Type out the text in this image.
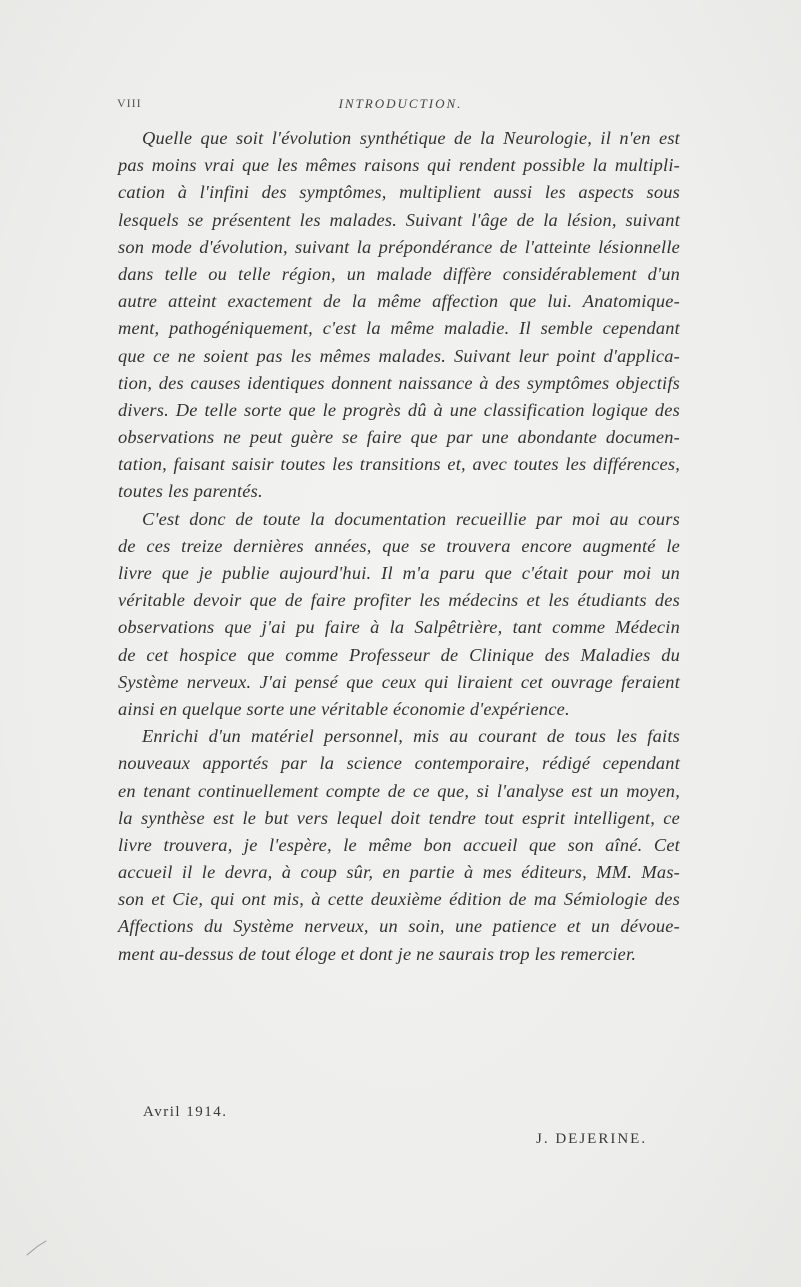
VIII	INTRODUCTION.
Quelle que soit l'évolution synthétique de la Neurologie, il n'en est
pas moins vrai que les mêmes raisons qui rendent possible la multipli-
cation à l'infini des symptômes, multiplient aussi les aspects sous
lesquels se présentent les malades. Suivant l'âge de la lésion, suivant
son mode d'évolution, suivant la prépondérance de l'atteinte lésionnelle
dans telle ou telle région, un malade diffère considérablement d'un
autre atteint exactement de la même affection que lui. Anatomique-
ment, pathogéniquement, c'est la même maladie. Il semble cependant
que ce ne soient pas les mêmes malades. Suivant leur point d'applica-
tion, des causes identiques donnent naissance à des symptômes objectifs
divers. De telle sorte que le progrès dû à une classification logique des
observations ne peut guère se faire que par une abondante documen-
tation, faisant saisir toutes les transitions et, avec toutes les différences,
toutes les parentés.
C'est donc de toute la documentation recueillie par moi au cours
de ces treize dernières années, que se trouvera encore augmenté le
livre que je publie aujourd'hui. Il m'a paru que c'était pour moi un
véritable devoir que de faire profiter les médecins et les étudiants des
observations que j'ai pu faire à la Salpêtrière, tant comme Médecin
de cet hospice que comme Professeur de Clinique des Maladies du
Système nerveux. J'ai pensé que ceux qui liraient cet ouvrage feraient
ainsi en quelque sorte une véritable économie d'expérience.
Enrichi d'un matériel personnel, mis au courant de tous les faits
nouveaux apportés par la science contemporaire, rédigé cependant
en tenant continuellement compte de ce que, si l'analyse est un moyen,
la synthèse est le but vers lequel doit tendre tout esprit intelligent, ce
livre trouvera, je l'espère, le même bon accueil que son aîné. Cet
accueil il le devra, à coup sûr, en partie à mes éditeurs, MM. Mas-
son et Cie, qui ont mis, à cette deuxième édition de ma Sémiologie des
Affections du Système nerveux, un soin, une patience et un dévoue-
ment au-dessus de tout éloge et dont je ne saurais trop les remercier.
Avril 1914.
J. DEJERINE.
